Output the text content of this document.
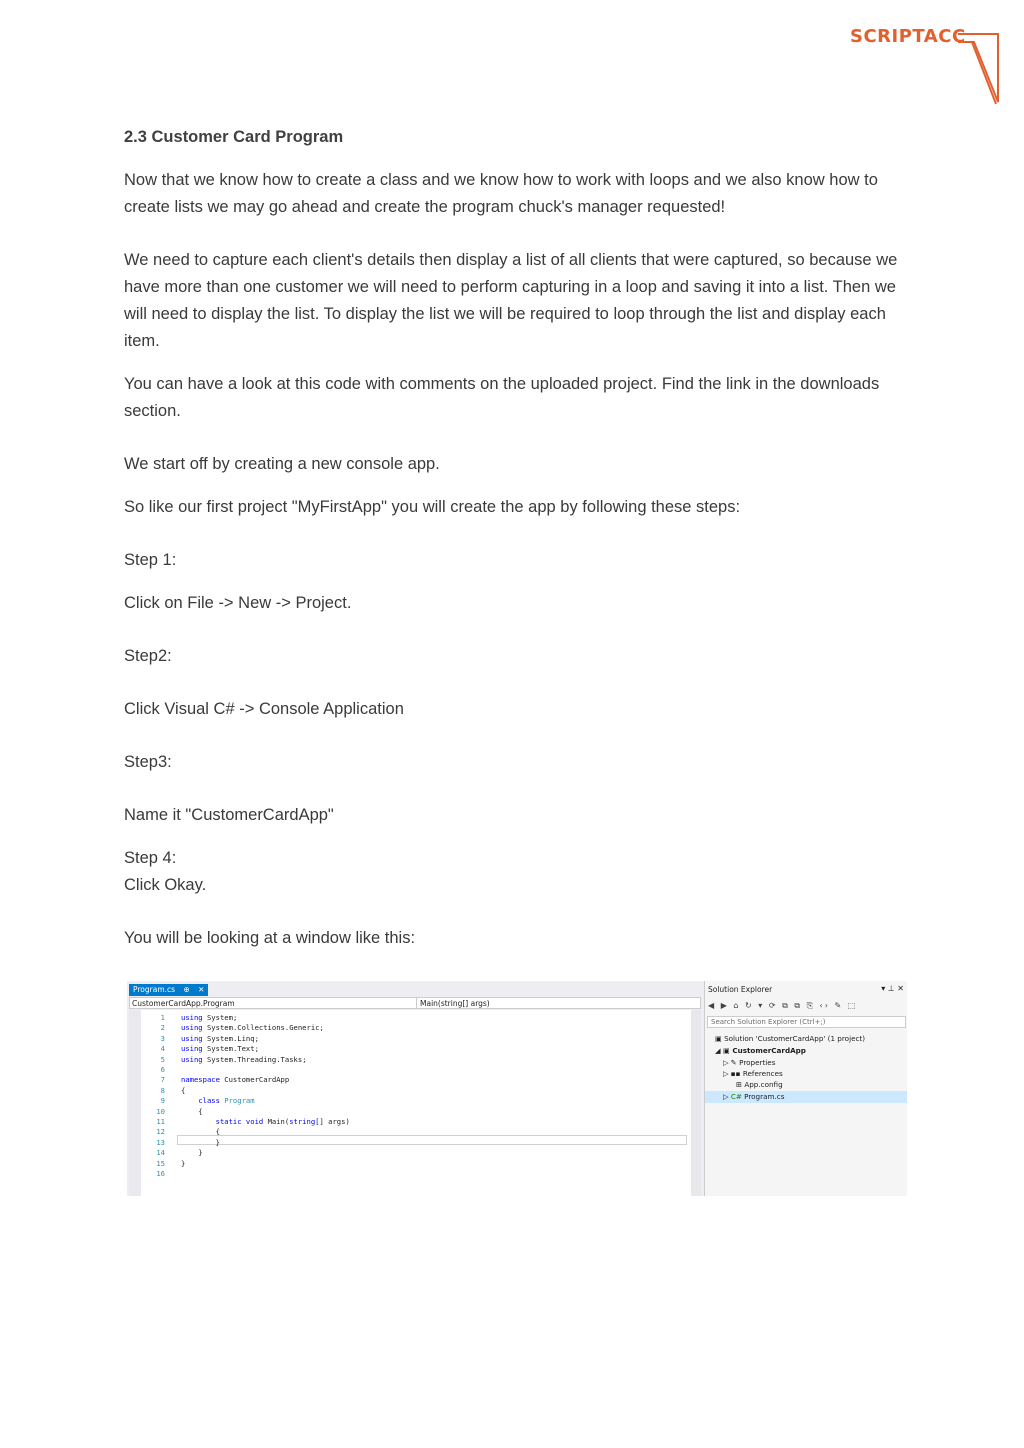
SCRIPTACC

2.3 Customer Card Program

Now that we know how to create a class and we know how to work with loops and we also know how to create lists we may go ahead and create the program chuck's manager requested!

We need to capture each client's details then display a list of all clients that were captured, so because we have more than one customer we will need to perform capturing in a loop and saving it into a list. Then we will need to display the list. To display the list we will be required to loop through the list and display each item.

You can have a look at this code with comments on the uploaded project. Find the link in the downloads section.

We start off by creating a new console app.

So like our first project "MyFirstApp" you will create the app by following these steps:

Step 1:

Click on File -> New -> Project.

Step2:

Click Visual C# -> Console Application

Step3:

Name it "CustomerCardApp"

Step 4:

Click Okay.

You will be looking at a window like this:

Program.cs ⊕ ✕
CustomerCardApp.Program	Main(string[] args)
1 using System;
2 using System.Collections.Generic;
3 using System.Linq;
4 using System.Text;
5 using System.Threading.Tasks;
6
7 namespace CustomerCardApp
8 {
9	class Program
10    {
11	static void Main(string[] args)
12        {
13        }
14    }
15 }
16
Solution Explorer	▾ ⊥ ✕
◀ ▶ ⌂ ↻ ▾ ⟳ ⧉ ⧉ ⎘ ‹› ✎ ⬚
Search Solution Explorer (Ctrl+;)
▣ Solution 'CustomerCardApp' (1 project)
◢ ▣ CustomerCardApp
▷ ✎ Properties
▷ ▪▪ References
⊞ App.config
▷ C# Program.cs
